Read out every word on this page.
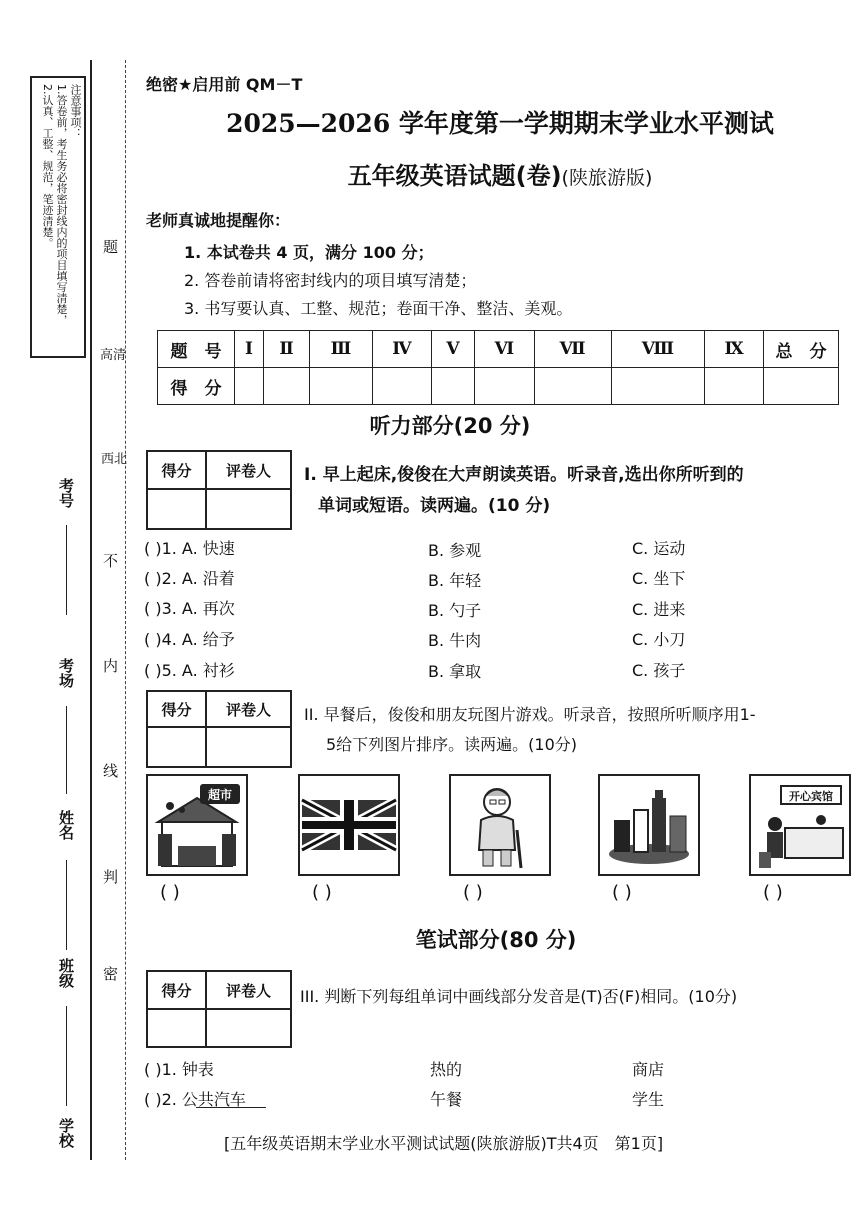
注意事项：
1.答卷前，考生务必将密封线内的项目填写清楚，
2.认真、工整、规范，笔迹清楚。	题
高清
西北
不
内
线
判
密
考号
考场
姓名
班级
学校
绝密★启用前 QM－T
2025—2026 学年度第一学期期末学业水平测试
五年级英语试题(卷)(陕旅游版)
老师真诚地提醒你：
1. 本试卷共 4 页，满分 100 分；
2. 答卷前请将密封线内的项目填写清楚；
3. 书写要认真、工整、规范；卷面干净、整洁、美观。
题　号	Ⅰ	Ⅱ	Ⅲ	Ⅳ	Ⅴ	Ⅵ	Ⅶ	Ⅷ	Ⅸ	总　分
得　分										
听力部分(20 分)
得分	评卷人
	Ⅰ. 早上起床,俊俊在大声朗读英语。听录音,选出你所听到的
单词或短语。读两遍。(10 分)
( )1. A. 快速	B. 参观	C. 运动
( )2. A. 沿着	B. 年轻	C. 坐下
( )3. A. 再次	B. 勺子	C. 进来
( )4. A. 给予	B. 牛肉	C. 小刀
( )5. A. 衬衫	B. 拿取	C. 孩子
得分	评卷人
	II. 早餐后，俊俊和朋友玩图片游戏。听录音，按照所听顺序用1-
5给下列图片排序。读两遍。(10分)
超市	开心宾馆
( )	( )	( )	( )	( )
笔试部分(80 分)
得分	评卷人
	III. 判断下列每组单词中画线部分发音是(T)否(F)相同。(10分)
( )1. 钟表	热的	商店
( )2. 公共汽车	午餐	学生
[五年级英语期末学业水平测试试题(陕旅游版)T共4页　第1页]
